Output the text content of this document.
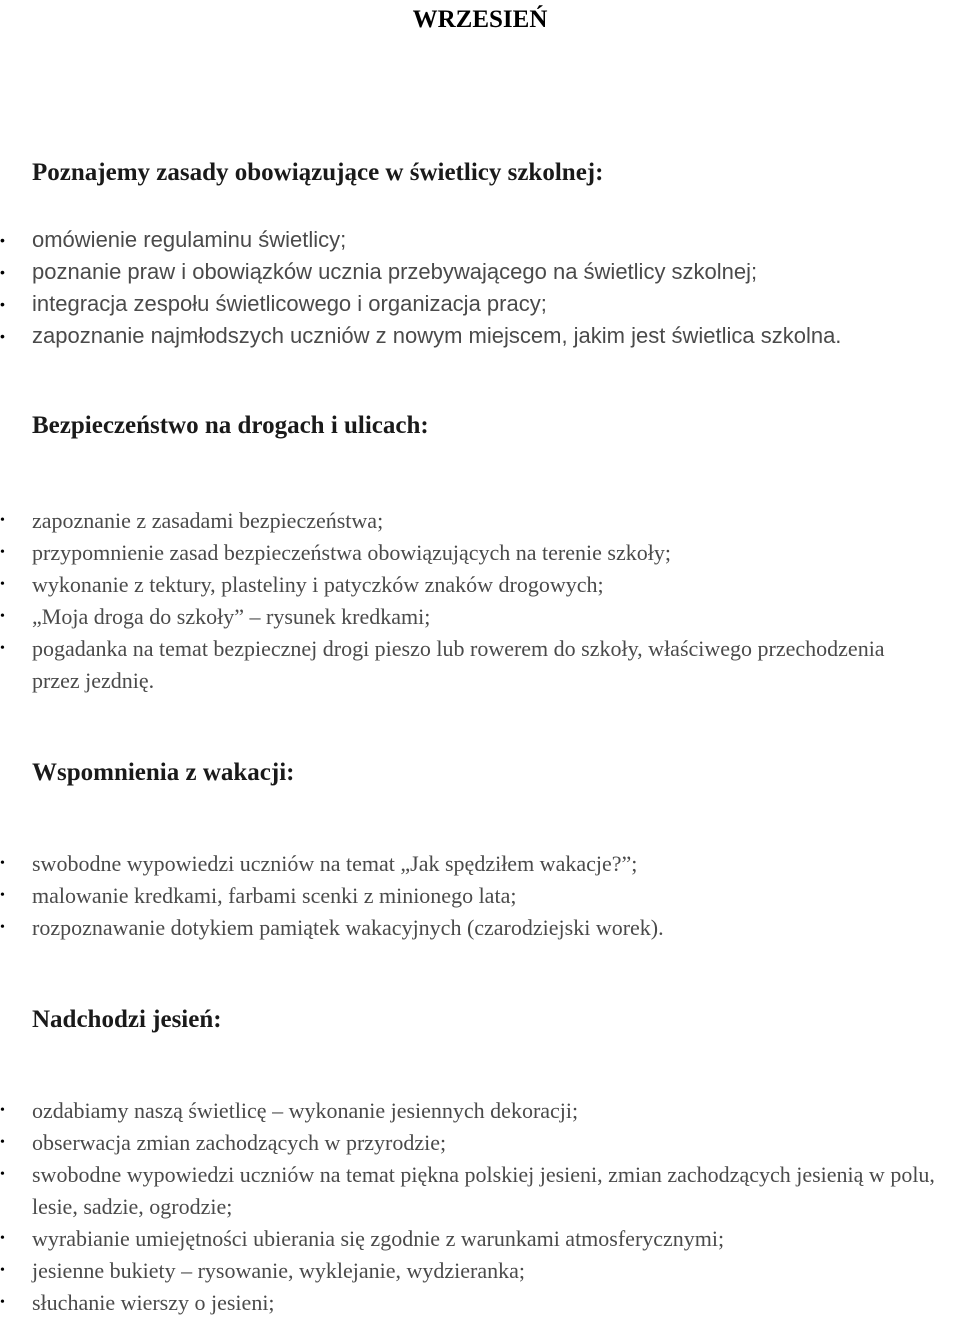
WRZESIEŃ
Poznajemy zasady obowiązujące w świetlicy szkolnej:
•
omówienie regulaminu świetlicy;
•
poznanie praw i obowiązków ucznia przebywającego na świetlicy szkolnej;
•
integracja zespołu świetlicowego i organizacja pracy;
•
zapoznanie najmłodszych uczniów z nowym miejscem, jakim jest świetlica szkolna.
Bezpieczeństwo na drogach i ulicach:
•
zapoznanie z zasadami bezpieczeństwa;
•
przypomnienie zasad bezpieczeństwa obowiązujących na terenie szkoły;
•
wykonanie z tektury, plasteliny i patyczków znaków drogowych;
•
„Moja droga do szkoły” – rysunek kredkami;
•
pogadanka na temat bezpiecznej drogi pieszo lub rowerem do szkoły, właściwego przechodzenia przez jezdnię.
Wspomnienia z wakacji:
•
swobodne wypowiedzi uczniów na temat „Jak spędziłem wakacje?”;
•
malowanie kredkami, farbami scenki z minionego lata;
•
rozpoznawanie dotykiem pamiątek wakacyjnych (czarodziejski worek).
Nadchodzi jesień:
•
ozdabiamy naszą świetlicę – wykonanie jesiennych dekoracji;
•
obserwacja zmian zachodzących w przyrodzie;
•
swobodne wypowiedzi uczniów na temat piękna polskiej jesieni, zmian zachodzących jesienią w polu, lesie, sadzie, ogrodzie;
•
wyrabianie umiejętności ubierania się zgodnie z warunkami atmosferycznymi;
•
jesienne bukiety – rysowanie, wyklejanie, wydzieranka;
•
słuchanie wierszy o jesieni;
